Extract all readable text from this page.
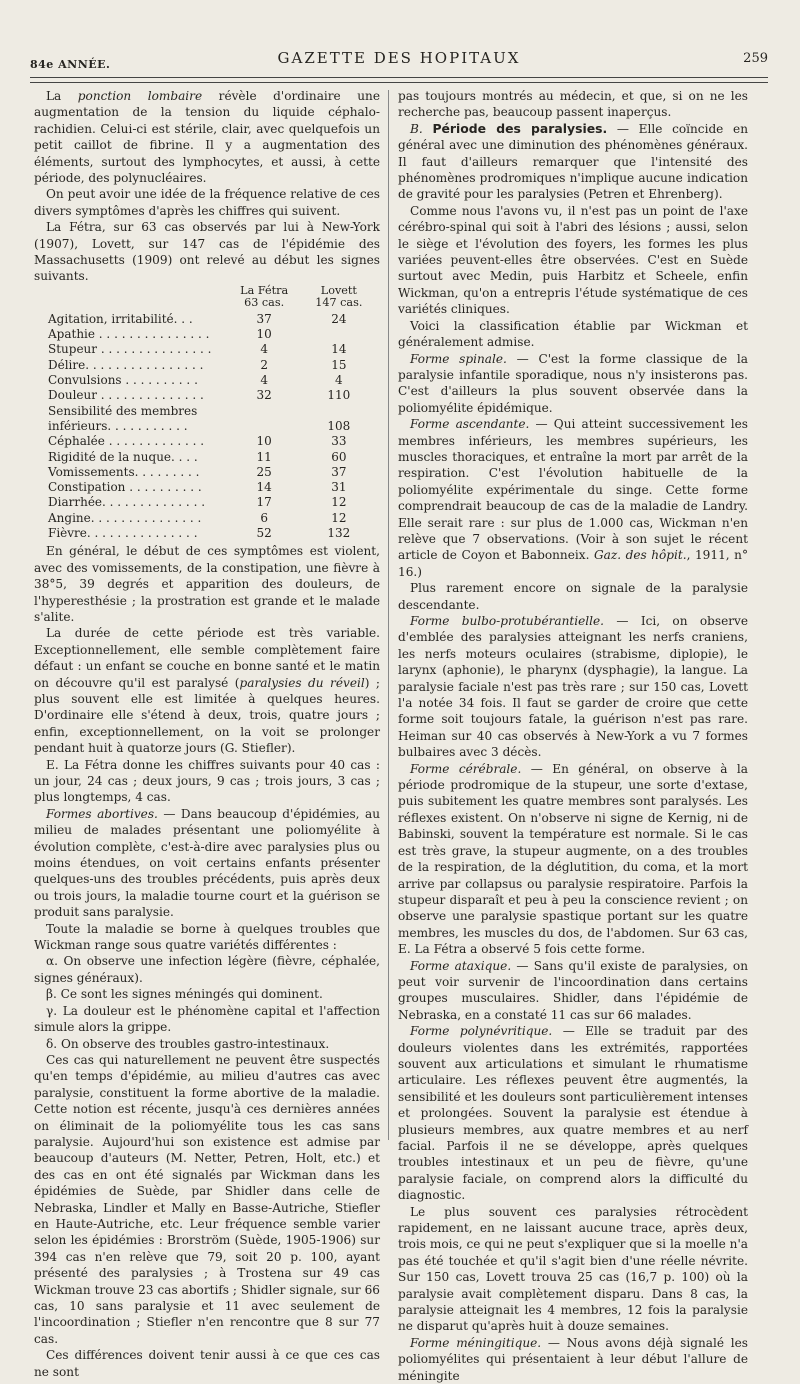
84e ANNÉE.	GAZETTE DES HOPITAUX	259

La ponction lombaire révèle d'ordinaire une augmentation de la tension du liquide céphalo-rachidien. Celui-ci est stérile, clair, avec quelquefois un petit caillot de fibrine. Il y a augmentation des éléments, surtout des lymphocytes, et aussi, à cette période, des polynucléaires.

On peut avoir une idée de la fréquence relative de ces divers symptômes d'après les chiffres qui suivent.

La Fétra, sur 63 cas observés par lui à New-York (1907), Lovett, sur 147 cas de l'épidémie des Massachusetts (1909) ont relevé au début les signes suivants.

	La Fétra	Lovett
	63 cas.	147 cas.

Agitation, irritabilité. . .	37	24
Apathie . . . . . . . . . . . . . . .	10	
Stupeur . . . . . . . . . . . . . . .	4	14
Délire. . . . . . . . . . . . . . . .	2	15
Convulsions . . . . . . . . . .	4	4
Douleur . . . . . . . . . . . . . .	32	110
Sensibilité des membres		
inférieurs. . . . . . . . . . .		108
Céphalée . . . . . . . . . . . . .	10	33
Rigidité de la nuque. . . .	11	60
Vomissements. . . . . . . . .	25	37
Constipation . . . . . . . . . .	14	31
Diarrhée. . . . . . . . . . . . . .	17	12
Angine. . . . . . . . . . . . . . .	6	12
Fièvre. . . . . . . . . . . . . . .	52	132

En général, le début de ces symptômes est violent, avec des vomissements, de la constipation, une fièvre à 38°5, 39 degrés et apparition des douleurs, de l'hyperesthésie ; la prostration est grande et le malade s'alite.

La durée de cette période est très variable. Exceptionnellement, elle semble complètement faire défaut : un enfant se couche en bonne santé et le matin on découvre qu'il est paralysé (paralysies du réveil) ; plus souvent elle est limitée à quelques heures. D'ordinaire elle s'étend à deux, trois, quatre jours ; enfin, exceptionnellement, on la voit se prolonger pendant huit à quatorze jours (G. Stiefler).

E. La Fétra donne les chiffres suivants pour 40 cas : un jour, 24 cas ; deux jours, 9 cas ; trois jours, 3 cas ; plus longtemps, 4 cas.

Formes abortives. — Dans beaucoup d'épidémies, au milieu de malades présentant une poliomyélite à évolution complète, c'est-à-dire avec paralysies plus ou moins étendues, on voit certains enfants présenter quelques-uns des troubles précédents, puis après deux ou trois jours, la maladie tourne court et la guérison se produit sans paralysie.

Toute la maladie se borne à quelques troubles que Wickman range sous quatre variétés différentes :

α. On observe une infection légère (fièvre, céphalée, signes généraux).

β. Ce sont les signes méningés qui dominent.

γ. La douleur est le phénomène capital et l'affection simule alors la grippe.

δ. On observe des troubles gastro-intestinaux.

Ces cas qui naturellement ne peuvent être suspectés qu'en temps d'épidémie, au milieu d'autres cas avec paralysie, constituent la forme abortive de la maladie. Cette notion est récente, jusqu'à ces dernières années on éliminait de la poliomyélite tous les cas sans paralysie. Aujourd'hui son existence est admise par beaucoup d'auteurs (M. Netter, Petren, Holt, etc.) et des cas en ont été signalés par Wickman dans les épidémies de Suède, par Shidler dans celle de Nebraska, Lindler et Mally en Basse-Autriche, Stiefler en Haute-Autriche, etc. Leur fréquence semble varier selon les épidémies : Brorström (Suède, 1905-1906) sur 394 cas n'en relève que 79, soit 20 p. 100, ayant présenté des paralysies ; à Trostena sur 49 cas Wickman trouve 23 cas abortifs ; Shidler signale, sur 66 cas, 10 sans paralysie et 11 avec seulement de l'incoordination ; Stiefler n'en rencontre que 8 sur 77 cas.

Ces différences doivent tenir aussi à ce que ces cas ne sont

pas toujours montrés au médecin, et que, si on ne les recherche pas, beaucoup passent inaperçus.

B. Période des paralysies. — Elle coïncide en général avec une diminution des phénomènes généraux. Il faut d'ailleurs remarquer que l'intensité des phénomènes prodromiques n'implique aucune indication de gravité pour les paralysies (Petren et Ehrenberg).

Comme nous l'avons vu, il n'est pas un point de l'axe cérébro-spinal qui soit à l'abri des lésions ; aussi, selon le siège et l'évolution des foyers, les formes les plus variées peuvent-elles être observées. C'est en Suède surtout avec Medin, puis Harbitz et Scheele, enfin Wickman, qu'on a entrepris l'étude systématique de ces variétés cliniques.

Voici la classification établie par Wickman et généralement admise.

Forme spinale. — C'est la forme classique de la paralysie infantile sporadique, nous n'y insisterons pas. C'est d'ailleurs la plus souvent observée dans la poliomyélite épidémique.

Forme ascendante. — Qui atteint successivement les membres inférieurs, les membres supérieurs, les muscles thoraciques, et entraîne la mort par arrêt de la respiration. C'est l'évolution habituelle de la poliomyélite expérimentale du singe. Cette forme comprendrait beaucoup de cas de la maladie de Landry. Elle serait rare : sur plus de 1.000 cas, Wickman n'en relève que 7 observations. (Voir à son sujet le récent article de Coyon et Babonneix. Gaz. des hôpit., 1911, n° 16.)

Plus rarement encore on signale de la paralysie descendante.

Forme bulbo-protubérantielle. — Ici, on observe d'emblée des paralysies atteignant les nerfs craniens, les nerfs moteurs oculaires (strabisme, diplopie), le larynx (aphonie), le pharynx (dysphagie), la langue. La paralysie faciale n'est pas très rare ; sur 150 cas, Lovett l'a notée 34 fois. Il faut se garder de croire que cette forme soit toujours fatale, la guérison n'est pas rare. Heiman sur 40 cas observés à New-York a vu 7 formes bulbaires avec 3 décès.

Forme cérébrale. — En général, on observe à la période prodromique de la stupeur, une sorte d'extase, puis subitement les quatre membres sont paralysés. Les réflexes existent. On n'observe ni signe de Kernig, ni de Babinski, souvent la température est normale. Si le cas est très grave, la stupeur augmente, on a des troubles de la respiration, de la déglutition, du coma, et la mort arrive par collapsus ou paralysie respiratoire. Parfois la stupeur disparaît et peu à peu la conscience revient ; on observe une paralysie spastique portant sur les quatre membres, les muscles du dos, de l'abdomen. Sur 63 cas, E. La Fétra a observé 5 fois cette forme.

Forme ataxique. — Sans qu'il existe de paralysies, on peut voir survenir de l'incoordination dans certains groupes musculaires. Shidler, dans l'épidémie de Nebraska, en a constaté 11 cas sur 66 malades.

Forme polynévritique. — Elle se traduit par des douleurs violentes dans les extrémités, rapportées souvent aux articulations et simulant le rhumatisme articulaire. Les réflexes peuvent être augmentés, la sensibilité et les douleurs sont particulièrement intenses et prolongées. Souvent la paralysie est étendue à plusieurs membres, aux quatre membres et au nerf facial. Parfois il ne se développe, après quelques troubles intestinaux et un peu de fièvre, qu'une paralysie faciale, on comprend alors la difficulté du diagnostic.

Le plus souvent ces paralysies rétrocèdent rapidement, en ne laissant aucune trace, après deux, trois mois, ce qui ne peut s'expliquer que si la moelle n'a pas été touchée et qu'il s'agit bien d'une réelle névrite. Sur 150 cas, Lovett trouva 25 cas (16,7 p. 100) où la paralysie avait complètement disparu. Dans 8 cas, la paralysie atteignait les 4 membres, 12 fois la paralysie ne disparut qu'après huit à douze semaines.

Forme méningitique. — Nous avons déjà signalé les poliomyélites qui présentaient à leur début l'allure de méningite
